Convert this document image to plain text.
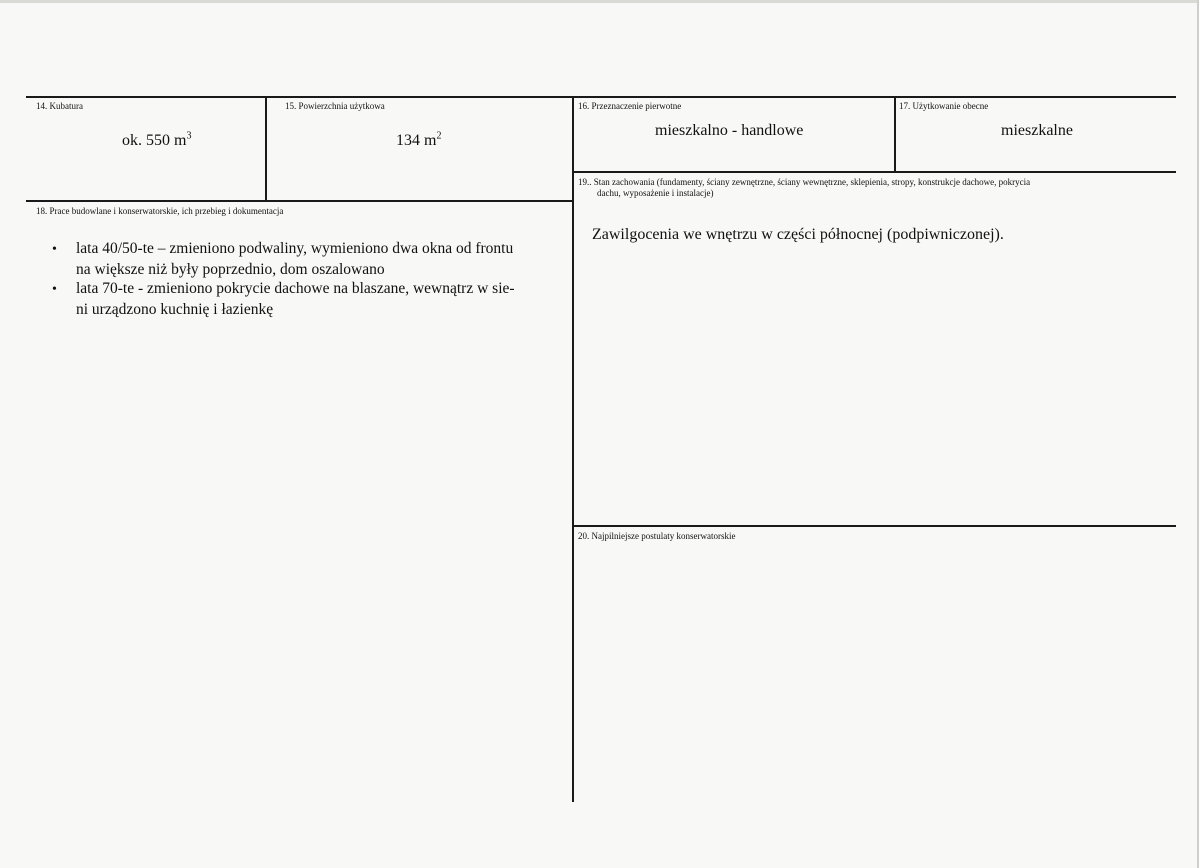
14. Kubatura
ok. 550 $m^3$
15. Powierzchnia użytkowa
134 $m^2$
16. Przeznaczenie pierwotne
mieszkalno - handlowe
17. Użytkowanie obecne
mieszkalne
18. Prace budowlane i konserwatorskie, ich przebieg i dokumentacja
• lata 40/50-te – zmieniono podwaliny, wymieniono dwa okna od frontu
na większe niż były poprzednio, dom oszalowano
• lata 70-te - zmieniono pokrycie dachowe na blaszane, wewnątrz w sie-
ni urządzono kuchnię i łazienkę
19.. Stan zachowania (fundamenty, ściany zewnętrzne, ściany wewnętrzne, sklepienia, stropy, konstrukcje dachowe, pokrycia
dachu, wyposażenie i instalacje)
Zawilgocenia we wnętrzu w części północnej (podpiwniczonej).
20. Najpilniejsze postulaty konserwatorskie
